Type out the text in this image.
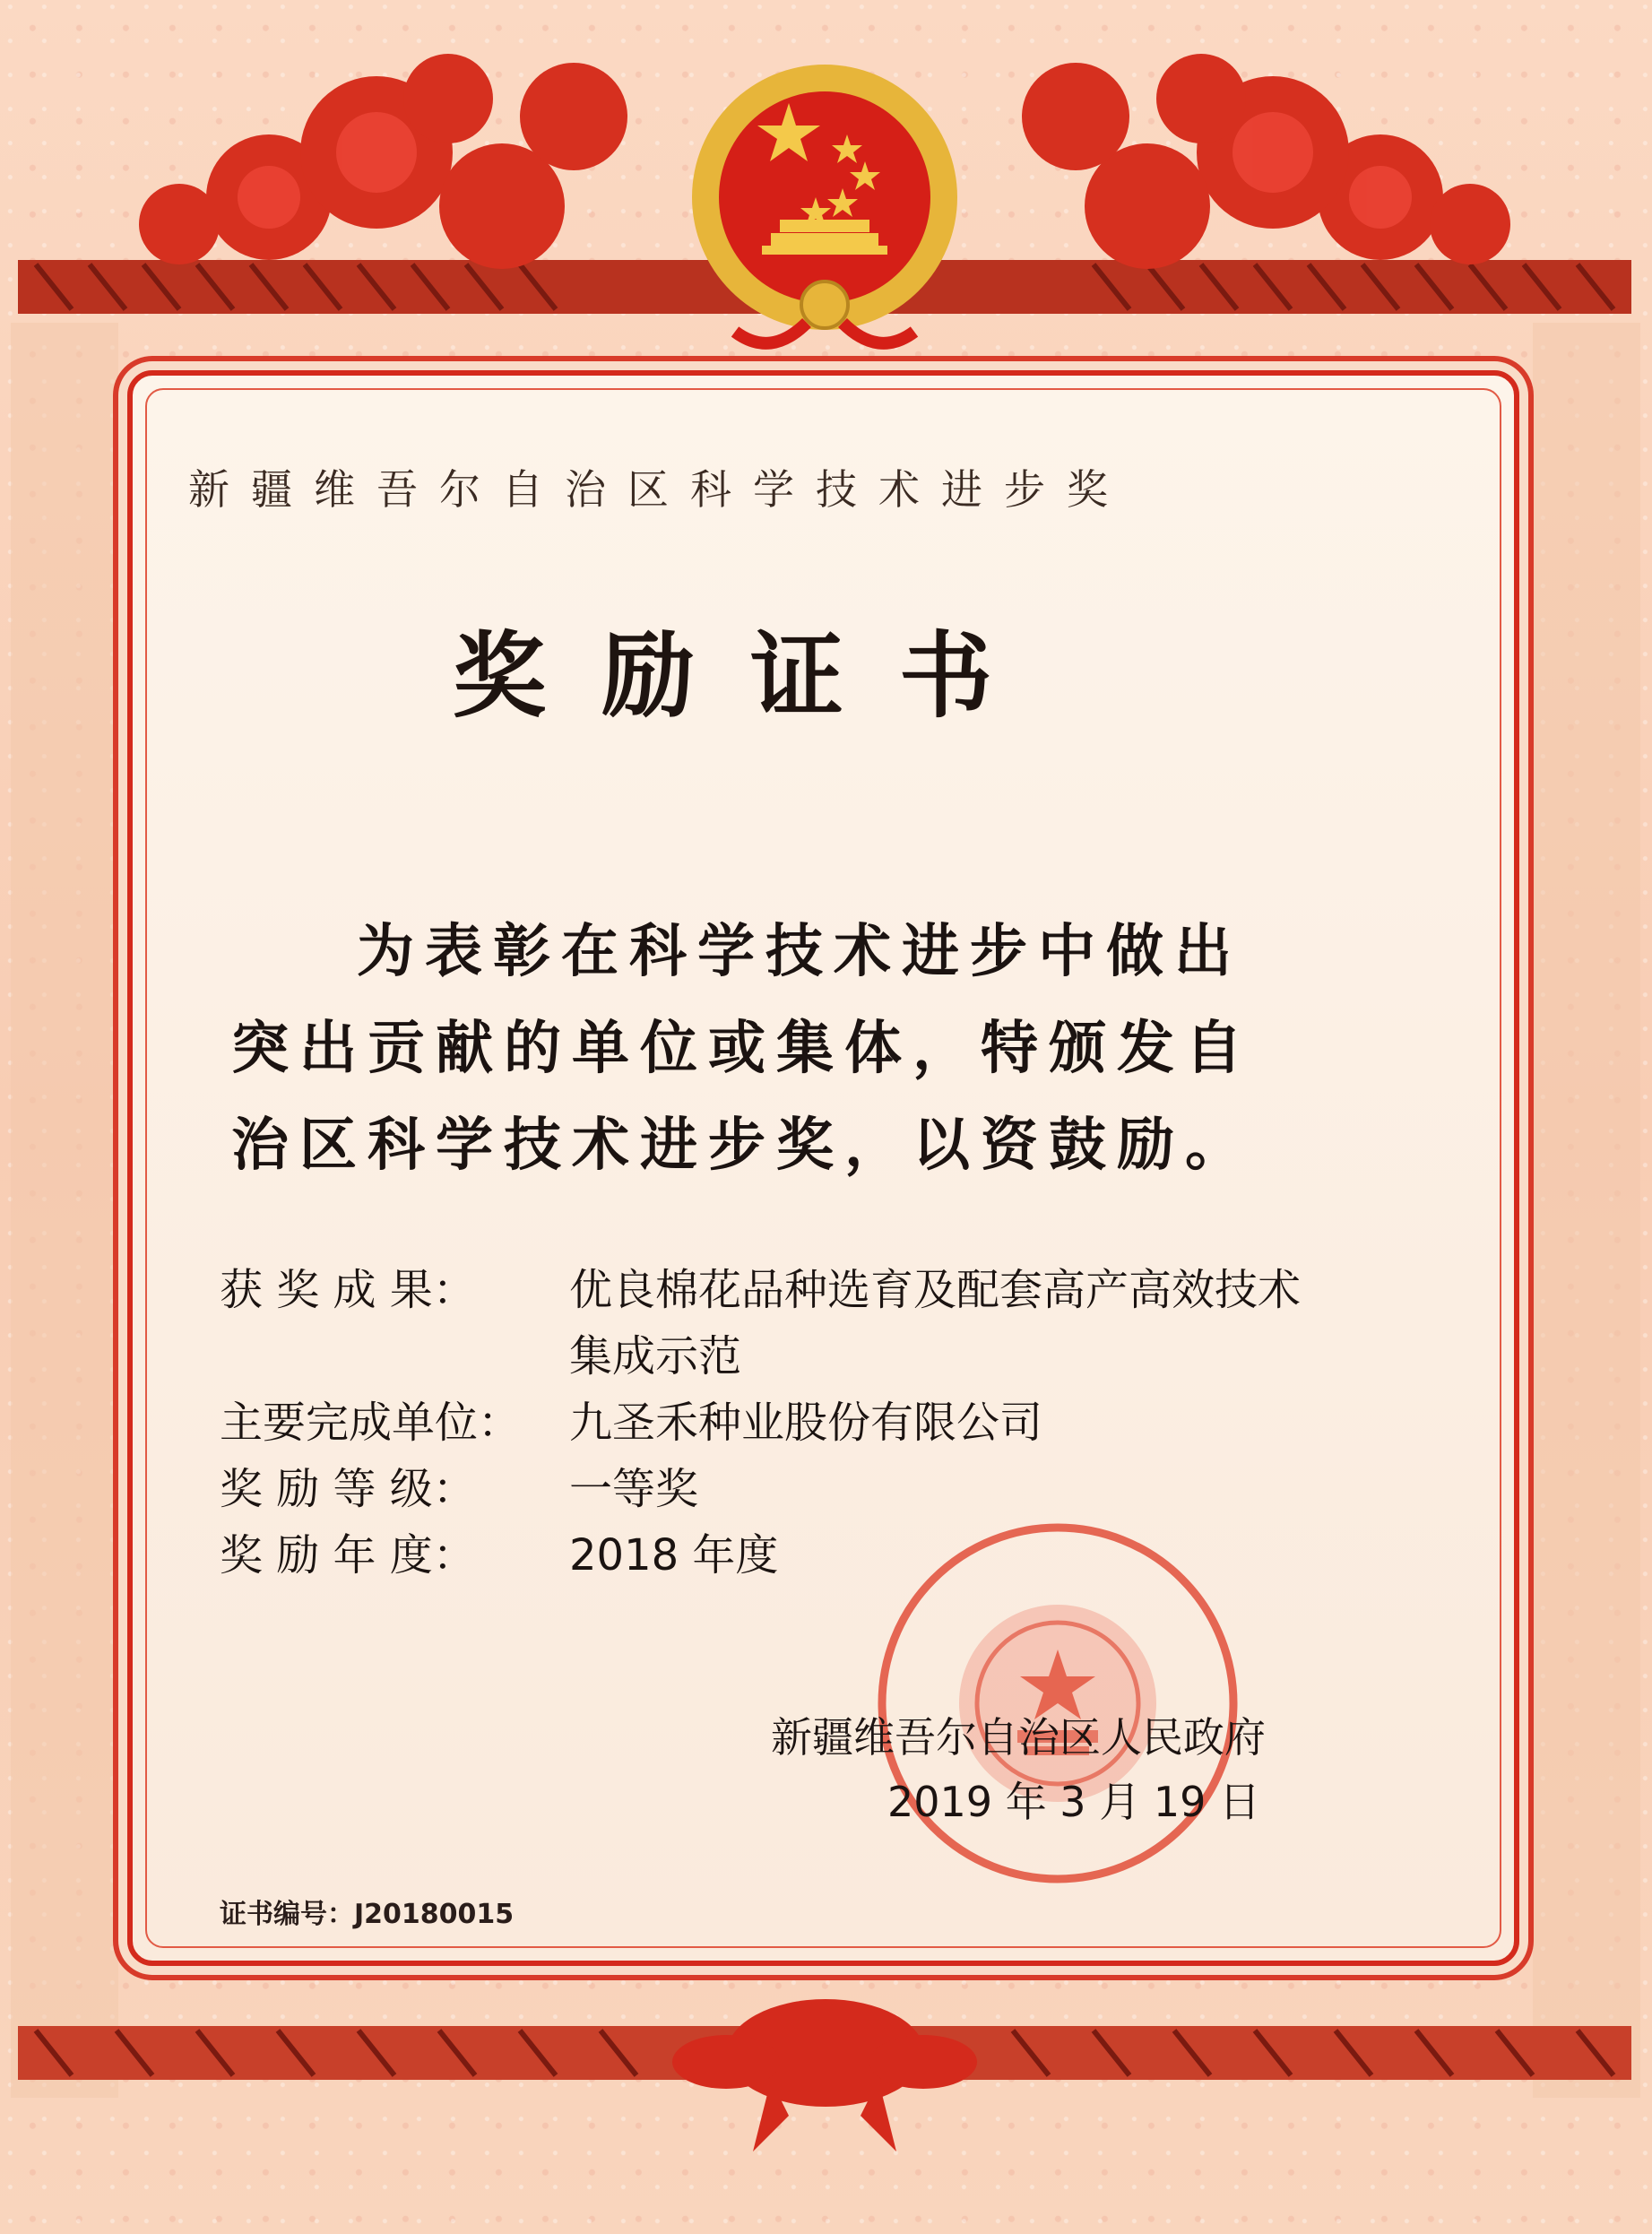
新疆维吾尔自治区科学技术进步奖
奖励证书
为表彰在科学技术进步中做出
突出贡献的单位或集体，特颁发自
治区科学技术进步奖，以资鼓励。
获 奖 成 果： 优良棉花品种选育及配套高产高效技术
集成示范
主要完成单位： 九圣禾种业股份有限公司
奖 励 等 级： 一等奖
奖 励 年 度： 2018 年度
新疆维吾尔自治区人民政府
2019 年 3 月 19 日
证书编号：J20180015
